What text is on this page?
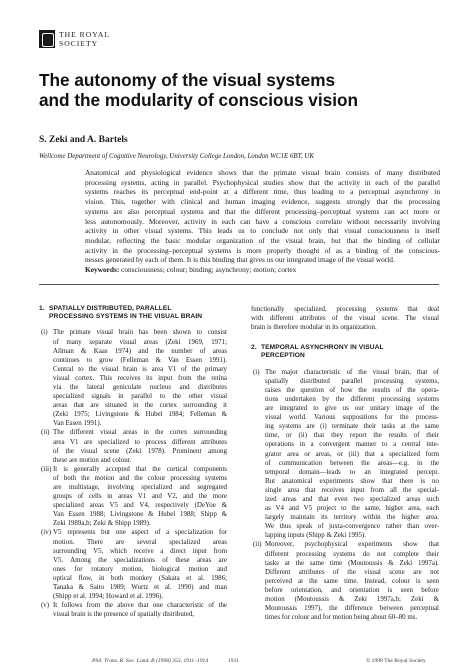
THE ROYAL
SOCIETY
The autonomy of the visual systems
and the modularity of conscious vision
S. Zeki and A. Bartels
Wellcome Department of Cognitive Neurology, University College London, London WC1E 6BT, UK
Anatomical and physiological evidence shows that the primate visual brain consists of many distributed
processing systems, acting in parallel. Psychophysical studies show that the activity in each of the parallel
systems reaches its perceptual end-point at a different time, thus leading to a perceptual asynchrony in
vision. This, together with clinical and human imaging evidence, suggests strongly that the processing
systems are also perceptual systems and that the different processing–perceptual systems can act more or
less autonomously. Moreover, activity in each can have a conscious correlate without necessarily involving
activity in other visual systems. This leads us to conclude not only that visual consciousness is itself
modular, reflecting the basic modular organization of the visual brain, but that the binding of cellular
activity in the processing–perceptual systems is more properly thought of as a binding of the conscious-
nesses generated by each of them. It is this binding that gives us our integrated image of the visual world.
Keywords: consciousness; colour; binding; asynchrony; motion; cortex
1. SPATIALLY DISTRIBUTED, PARALLEL
PROCESSING SYSTEMS IN THE VISUAL BRAIN
(i) The primate visual brain has been shown to consist
of many separate visual areas (Zeki 1969, 1971;
Allman & Kaas 1974) and the number of areas
continues to grow (Felleman & Van Essen 1991).
Central to the visual brain is area V1 of the primary
visual cortex. This receives its input from the retina
via the lateral geniculate nucleus and distributes
specialized signals in parallel to the other visual
areas that are situated in the cortex surrounding it
(Zeki 1975; Livingstone & Hubel 1984; Felleman &
Van Essen 1991).
(ii) The different visual areas in the cortex surrounding
area V1 are specialized to process different attributes
of the visual scene (Zeki 1978). Prominent among
these are motion and colour.
(iii) It is generally accepted that the cortical components
of both the motion and the colour processing systems
are multistage, involving specialized and segregated
groups of cells in areas V1 and V2, and the more
specialized areas V5 and V4, respectively (DeYoe &
Van Essen 1988; Livingstone & Hubel 1988; Shipp &
Zeki 1989a,b; Zeki & Shipp 1989).
(iv) V5 represents but one aspect of a specialization for
motion. There are several specialized areas
surrounding V5, which receive a direct input from
V5. Among the specializations of these areas are
ones for rotatory motion, biological motion and
optical flow, in both monkey (Sakata et al. 1986;
Tanaka & Saito 1989; Wurtz et al. 1990) and man
(Shipp et al. 1994; Howard et al. 1996).
(v) It follows from the above that one characteristic of the
visual brain is the presence of spatially distributed,
functionally specialized, processing systems that deal
with different attributes of the visual scene. The visual
brain is therefore modular in its organization.
2. TEMPORAL ASYNCHRONY IN VISUAL
PERCEPTION
(i) The major characteristic of the visual brain, that of
spatially distributed parallel processing systems,
raises the question of how the results of the opera-
tions undertaken by the different processing systems
are integrated to give us our unitary image of the
visual world. Various suppositions for the process-
ing systems are (i) terminate their tasks at the same
time, or (ii) that they report the results of their
operations in a convergent manner to a central inte-
grator area or areas, or (iii) that a specialized form
of communication between the areas—e.g. in the
temporal domain—leads to an integrated percept.
But anatomical experiments show that there is no
single area that receives input from all the special-
ized areas and that even two specialized areas such
as V4 and V5 project to the same, higher area, each
largely maintain its territory within the higher area.
We thus speak of juxta-convergence rather than over-
lapping inputs (Shipp & Zeki 1995).
(ii) Moreover, psychophysical experiments show that
different processing systems do not complete their
tasks at the same time (Moutoussis & Zeki 1997a).
Different attributes of the visual scene are not
perceived at the same time. Instead, colour is seen
before orientation, and orientation is seen before
motion (Moutoussis & Zeki 1997a,b; Zeki &
Moutoussis 1997), the difference between perceptual
times for colour and for motion being about 60–80 ms.
Phil. Trans. R. Soc. Lond. B (1998) 353, 1911–1914	1911	© 1998 The Royal Society
